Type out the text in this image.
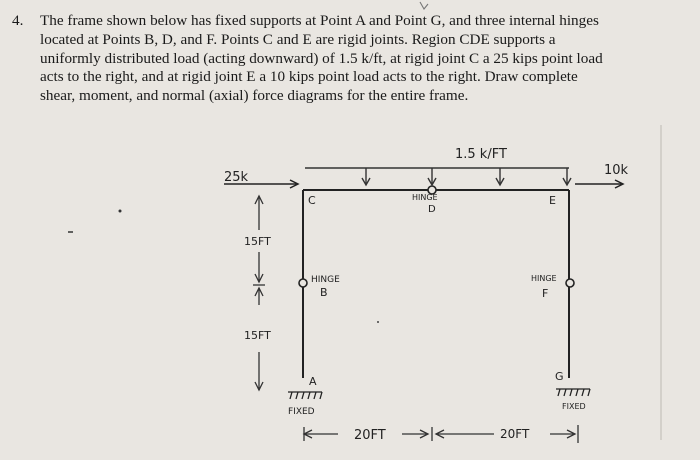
4.	The frame shown below has fixed supports at Point A and Point G, and three internal hinges
located at Points B, D, and F. Points C and E are rigid joints. Region CDE supports a
uniformly distributed load (acting downward) of 1.5 k/ft, at rigid joint C a 25 kips point load
acts to the right, and at rigid joint E a 10 kips point load acts to the right. Draw complete
shear, moment, and normal (axial) force diagrams for the entire frame.
25k	10k
1.5 k/FT
C	E
HINGE
D
HINGE
B
HINGE
F
A	G
FIXED
FIXED
15FT
15FT
20FT	20FT
